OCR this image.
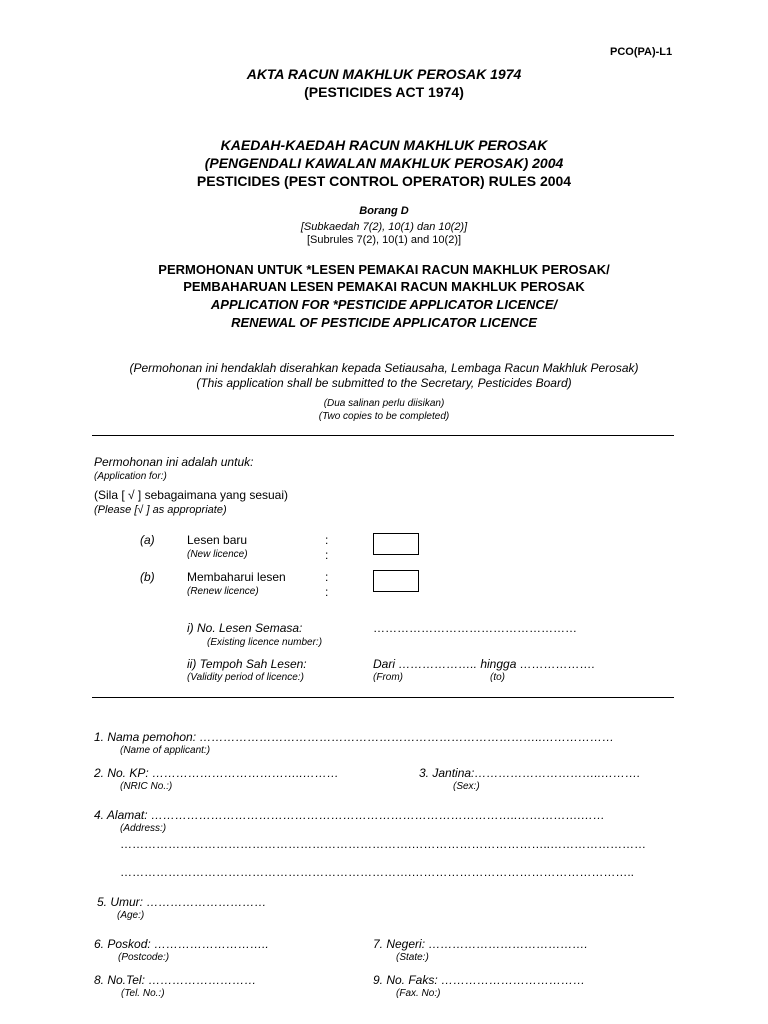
PCO(PA)-L1
AKTA RACUN MAKHLUK PEROSAK 1974
(PESTICIDES ACT 1974)
KAEDAH-KAEDAH RACUN MAKHLUK PEROSAK
(PENGENDALI KAWALAN MAKHLUK PEROSAK) 2004
PESTICIDES (PEST CONTROL OPERATOR) RULES 2004
Borang D
[Subkaedah 7(2), 10(1) dan 10(2)]
[Subrules 7(2), 10(1) and 10(2)]
PERMOHONAN UNTUK *LESEN PEMAKAI RACUN MAKHLUK PEROSAK/
PEMBAHARUAN LESEN PEMAKAI RACUN MAKHLUK PEROSAK
APPLICATION FOR *PESTICIDE APPLICATOR LICENCE/
RENEWAL OF PESTICIDE APPLICATOR LICENCE
(Permohonan ini hendaklah diserahkan kepada Setiausaha, Lembaga Racun Makhluk Perosak)
(This application shall be submitted to the Secretary, Pesticides Board)
(Dua salinan perlu diisikan)
(Two copies to be completed)
Permohonan ini adalah untuk:
(Application for:)
(Sila [ √ ] sebagaimana yang sesuai)
(Please [√ ] as appropriate)
(a)	Lesen baru
(New licence)
:
:
(b)	Membaharui lesen
(Renew licence)
:
:
i) No. Lesen Semasa:
(Existing licence number:)
……………………………………………
ii) Tempoh Sah Lesen:
(Validity period of licence:)
Dari ……………….. hingga ……………….
(From)	(to)
1. Nama pemohon: …………………………………………………………………………..………………
(Name of applicant:)
2. No. KP: ………………………………..………
(NRIC No.:)
3. Jantina:…………………………..……….
(Sex:)
4. Alamat: ………………………………………………………………………………..…………….……
(Address:)
……………………………………………………………….……………………………..……………………
……………………………………………………………….………………………………………………..
5. Umur: …………………………
(Age:)
6. Poskod: ………………………..
(Postcode:)
7. Negeri: ………………………………….
(State:)
8. No.Tel: ………………………
(Tel. No.:)
9. No. Faks: ………………………………
(Fax. No:)
